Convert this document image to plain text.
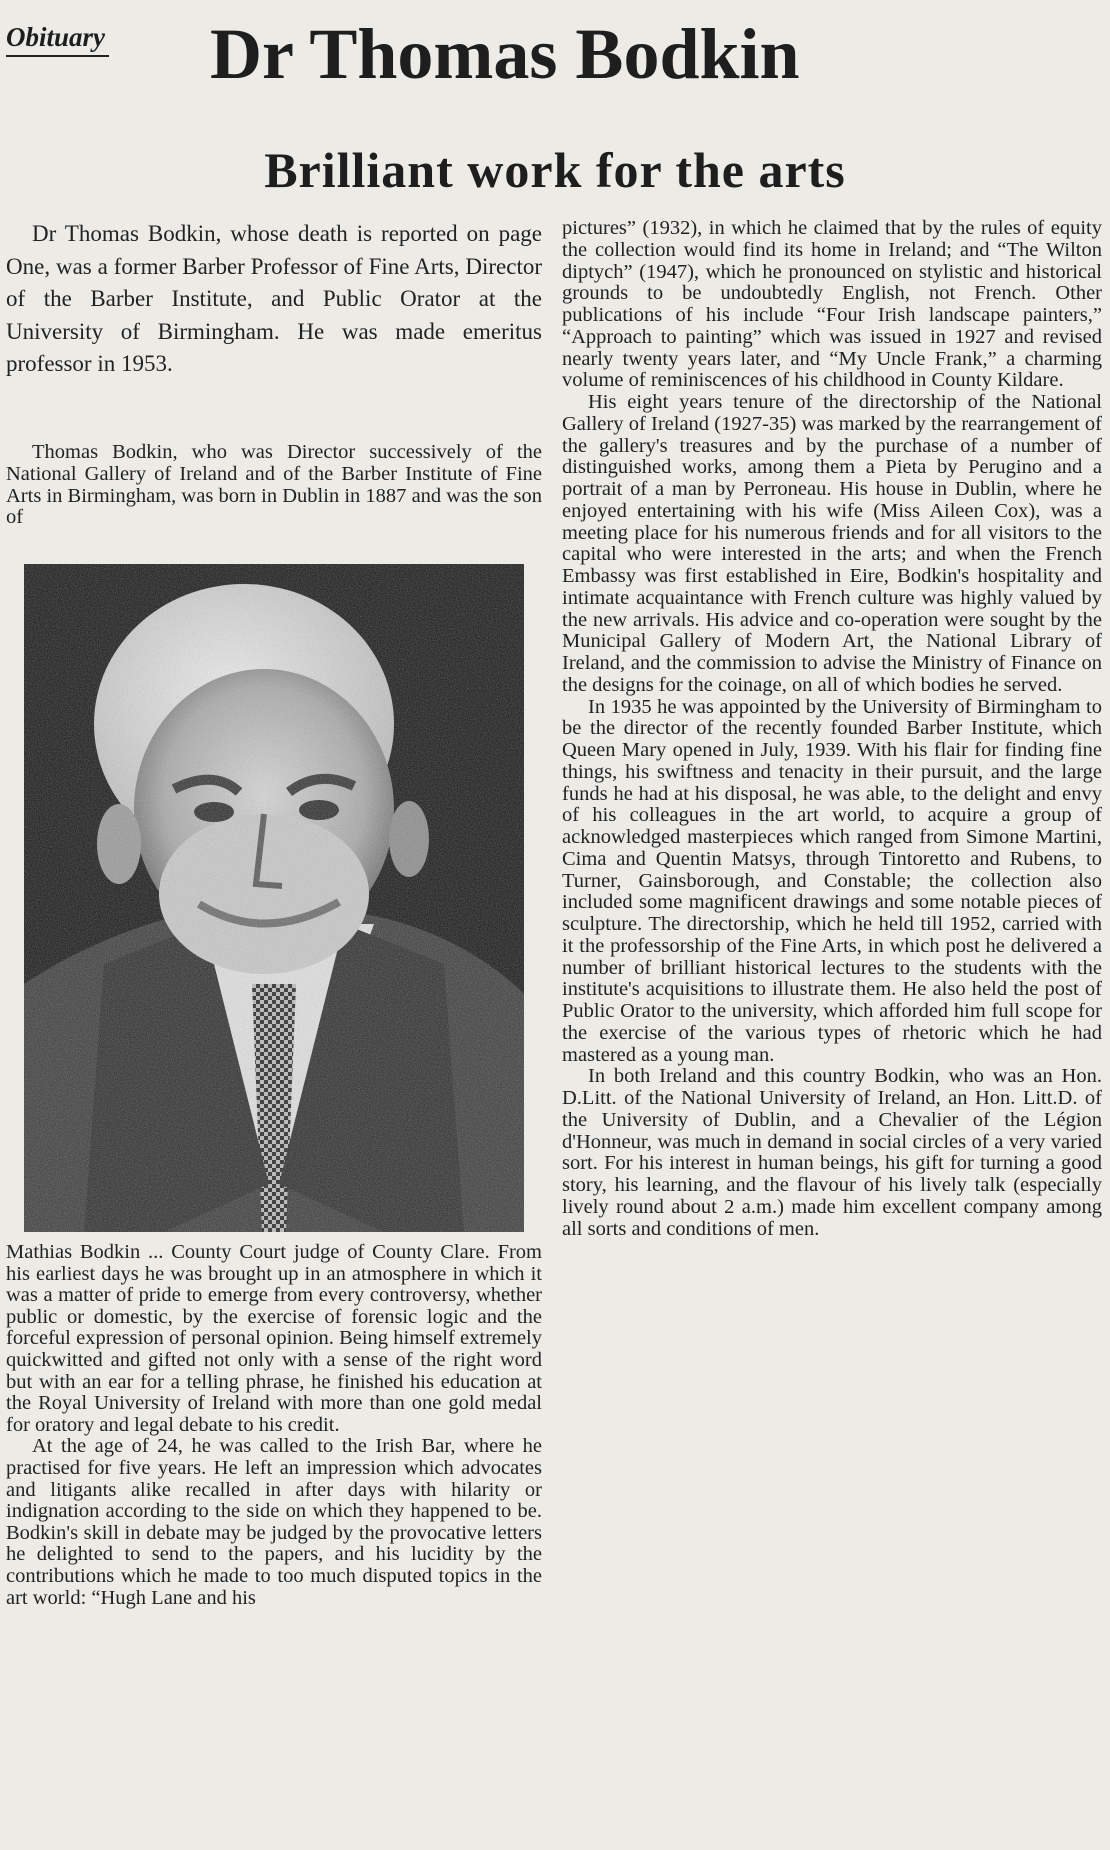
Obituary Dr Thomas Bodkin
Brilliant work for the arts

Dr Thomas Bodkin, whose death is reported on page One, was a former Barber Professor of Fine Arts, Director of the Barber Institute, and Public Orator at the University of Birmingham. He was made emeritus professor in 1953.

Thomas Bodkin, who was Director successively of the National Gallery of Ireland and of the Barber Institute of Fine Arts in Birmingham, was born in Dublin in 1887 and was the son of

Mathias Bodkin ... County Court judge of County Clare. From his earliest days he was brought up in an atmosphere in which it was a matter of pride to emerge from every controversy, whether public or domestic, by the exercise of forensic logic and the forceful expression of personal opinion. Being himself extremely quickwitted and gifted not only with a sense of the right word but with an ear for a telling phrase, he finished his education at the Royal University of Ireland with more than one gold medal for oratory and legal debate to his credit.

At the age of 24, he was called to the Irish Bar, where he practised for five years. He left an impression which advocates and litigants alike recalled in after days with hilarity or indignation according to the side on which they happened to be. Bodkin's skill in debate may be judged by the provocative letters he delighted to send to the papers, and his lucidity by the contributions which he made to too much disputed topics in the art world: “Hugh Lane and his

pictures” (1932), in which he claimed that by the rules of equity the collection would find its home in Ireland; and “The Wilton diptych” (1947), which he pronounced on stylistic and historical grounds to be undoubtedly English, not French. Other publications of his include “Four Irish landscape painters,” “Approach to painting” which was issued in 1927 and revised nearly twenty years later, and “My Uncle Frank,” a charming volume of reminiscences of his childhood in County Kildare.

His eight years tenure of the directorship of the National Gallery of Ireland (1927-35) was marked by the rearrangement of the gallery's treasures and by the purchase of a number of distinguished works, among them a Pieta by Perugino and a portrait of a man by Perroneau. His house in Dublin, where he enjoyed entertaining with his wife (Miss Aileen Cox), was a meeting place for his numerous friends and for all visitors to the capital who were interested in the arts; and when the French Embassy was first established in Eire, Bodkin's hospitality and intimate acquaintance with French culture was highly valued by the new arrivals. His advice and co-operation were sought by the Municipal Gallery of Modern Art, the National Library of Ireland, and the commission to advise the Ministry of Finance on the designs for the coinage, on all of which bodies he served.

In 1935 he was appointed by the University of Birmingham to be the director of the recently founded Barber Institute, which Queen Mary opened in July, 1939. With his flair for finding fine things, his swiftness and tenacity in their pursuit, and the large funds he had at his disposal, he was able, to the delight and envy of his colleagues in the art world, to acquire a group of acknowledged masterpieces which ranged from Simone Martini, Cima and Quentin Matsys, through Tintoretto and Rubens, to Turner, Gainsborough, and Constable; the collection also included some magnificent drawings and some notable pieces of sculpture. The directorship, which he held till 1952, carried with it the professorship of the Fine Arts, in which post he delivered a number of brilliant historical lectures to the students with the institute's acquisitions to illustrate them. He also held the post of Public Orator to the university, which afforded him full scope for the exercise of the various types of rhetoric which he had mastered as a young man.

In both Ireland and this country Bodkin, who was an Hon. D.Litt. of the National University of Ireland, an Hon. Litt.D. of the University of Dublin, and a Chevalier of the Légion d'Honneur, was much in demand in social circles of a very varied sort. For his interest in human beings, his gift for turning a good story, his learning, and the flavour of his lively talk (especially lively round about 2 a.m.) made him excellent company among all sorts and conditions of men.
